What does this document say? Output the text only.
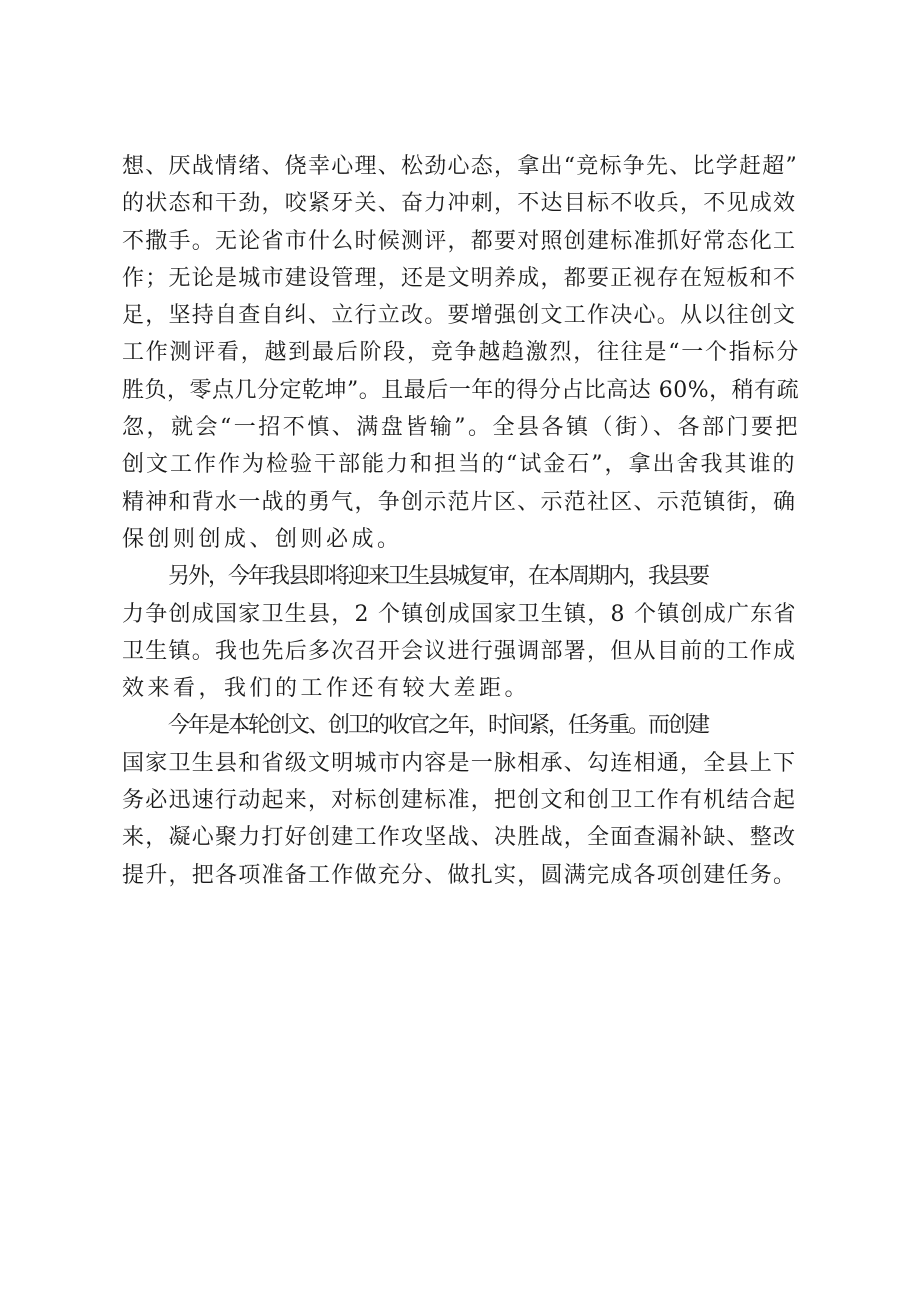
想、厌战情绪、侥幸心理、松劲心态，拿出“竞标争先、比学赶超”
的状态和干劲，咬紧牙关、奋力冲刺，不达目标不收兵，不见成效
不撒手。无论省市什么时候测评，都要对照创建标准抓好常态化工
作；无论是城市建设管理，还是文明养成，都要正视存在短板和不
足，坚持自查自纠、立行立改。要增强创文工作决心。从以往创文
工作测评看，越到最后阶段，竞争越趋激烈，往往是“一个指标分
胜负，零点几分定乾坤”。且最后一年的得分占比高达 60%，稍有疏
忽，就会“一招不慎、满盘皆输”。全县各镇（街）、各部门要把
创文工作作为检验干部能力和担当的“试金石”，拿出舍我其谁的
精神和背水一战的勇气，争创示范片区、示范社区、示范镇街，确
保创则创成、创则必成。
另外，今年我县即将迎来卫生县城复审，在本周期内，我县要
力争创成国家卫生县，2 个镇创成国家卫生镇，8 个镇创成广东省
卫生镇。我也先后多次召开会议进行强调部署，但从目前的工作成
效来看，我们的工作还有较大差距。
今年是本轮创文、创卫的收官之年，时间紧，任务重。而创建
国家卫生县和省级文明城市内容是一脉相承、勾连相通，全县上下
务必迅速行动起来，对标创建标准，把创文和创卫工作有机结合起
来，凝心聚力打好创建工作攻坚战、决胜战，全面查漏补缺、整改
提升，把各项准备工作做充分、做扎实，圆满完成各项创建任务。
